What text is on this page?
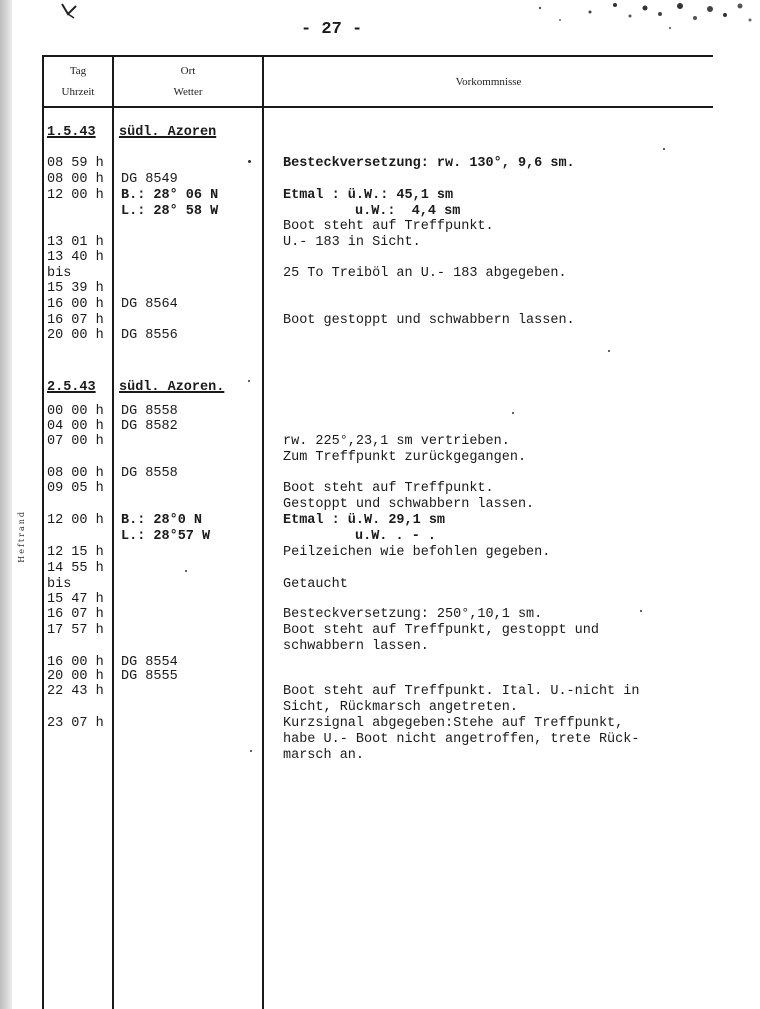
- 27 -
Heftrand
Tag
Uhrzeit
Ort
Wetter
Vorkommnisse
1.5.43 südl. Azoren
08 59 h	Besteckversetzung: rw. 130°, 9,6 sm.
08 00 h DG 8549
12 00 h B.: 28° 06 N	Etmal : ü.W.: 45,1 sm
L.: 28° 58 W	u.W.:  4,4 sm
Boot steht auf Treffpunkt.
13 01 h	U.- 183 in Sicht.
13 40 h
bis	25 To Treiböl an U.- 183 abgegeben.
15 39 h
16 00 h DG 8564
16 07 h	Boot gestoppt und schwabbern lassen.
20 00 h DG 8556
2.5.43 südl. Azoren.
00 00 h DG 8558
04 00 h DG 8582
07 00 h	rw. 225°,23,1 sm vertrieben.
Zum Treffpunkt zurückgegangen.
08 00 h DG 8558
09 05 h	Boot steht auf Treffpunkt.
Gestoppt und schwabbern lassen.
12 00 h B.: 28°0 N	Etmal : ü.W. 29,1 sm
L.: 28°57 W	u.W. . - .
12 15 h	Peilzeichen wie befohlen gegeben.
14 55 h
bis	Getaucht
15 47 h
16 07 h	Besteckversetzung: 250°,10,1 sm.
17 57 h	Boot steht auf Treffpunkt, gestoppt und
schwabbern lassen.
16 00 h DG 8554
20 00 h DG 8555
22 43 h	Boot steht auf Treffpunkt. Ital. U.-nicht in
Sicht, Rückmarsch angetreten.
23 07 h	Kurzsignal abgegeben:Stehe auf Treffpunkt,
habe U.- Boot nicht angetroffen, trete Rück-
marsch an.
